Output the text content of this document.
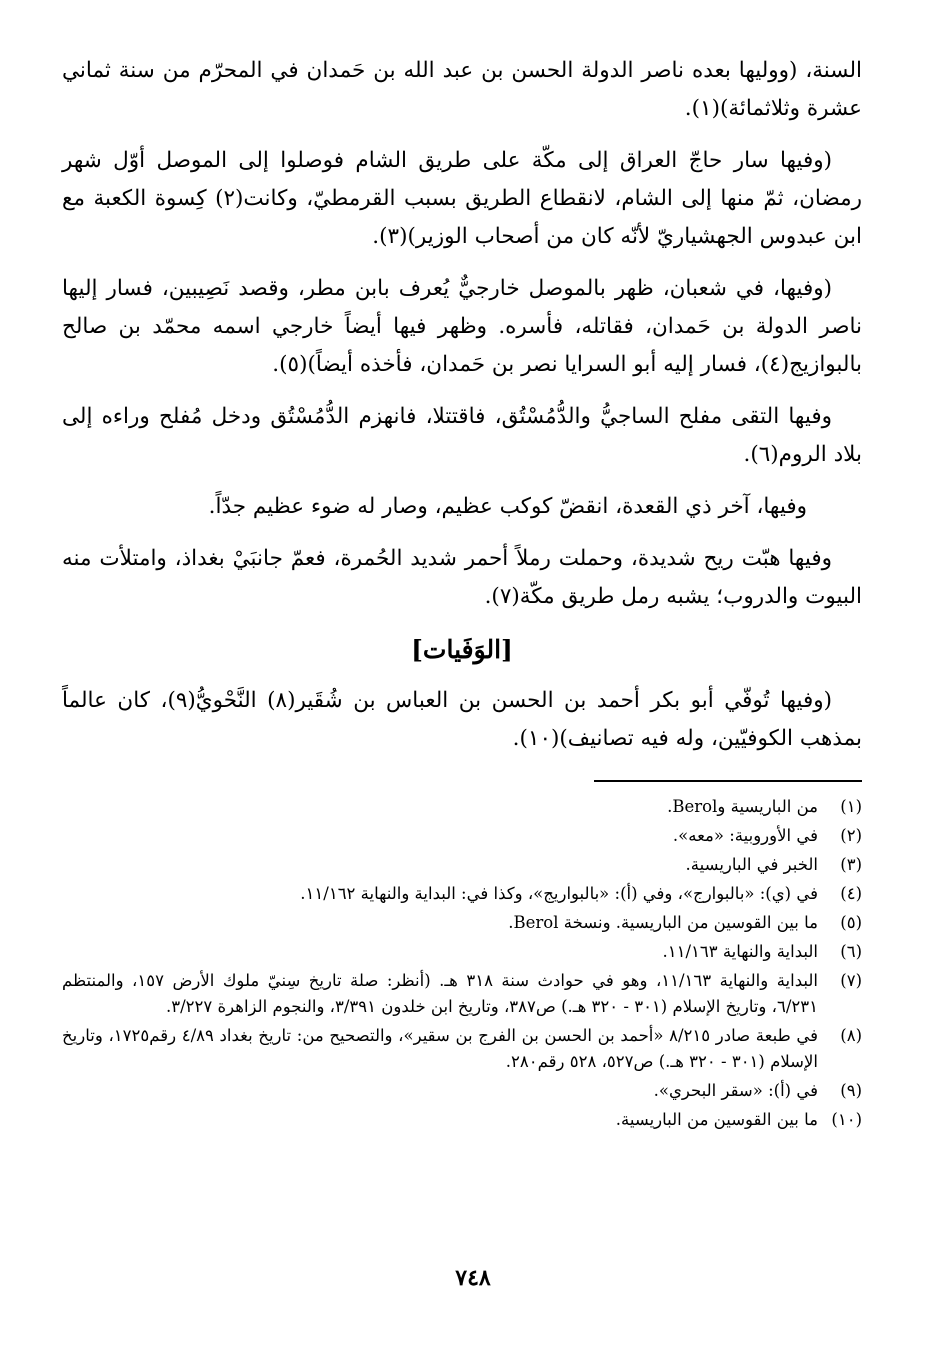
السنة، (ووليها بعده ناصر الدولة الحسن بن عبد الله بن حَمدان في المحرّم من سنة ثماني عشرة وثلاثمائة)(١).

(وفيها سار حاجّ العراق إلى مكّة على طريق الشام فوصلوا إلى الموصل أوّل شهر رمضان، ثمّ منها إلى الشام، لانقطاع الطريق بسبب القرمطيّ، وكانت(٢) كِسوة الكعبة مع ابن عبدوس الجهشياريّ لأنّه كان من أصحاب الوزير)(٣).

(وفيها، في شعبان، ظهر بالموصل خارجيٌّ يُعرف بابن مطر، وقصد نَصِيبين، فسار إليها ناصر الدولة بن حَمدان، فقاتله، فأسره. وظهر فيها أيضاً خارجي اسمه محمّد بن صالح بالبوازيج(٤)، فسار إليه أبو السرايا نصر بن حَمدان، فأخذه أيضاً)(٥).

وفيها التقى مفلح الساجيُّ والدُّمُسْتُق، فاقتتلا، فانهزم الدُّمُسْتُق ودخل مُفلح وراءه إلى بلاد الروم(٦).

وفيها، آخر ذي القعدة، انقضّ كوكب عظيم، وصار له ضوء عظيم جدّاً.

وفيها هبّت ريح شديدة، وحملت رملاً أحمر شديد الحُمرة، فعمّ جانبَيْ بغداذ، وامتلأت منه البيوت والدروب؛ يشبه رمل طريق مكّة(٧).

[الوَفَيات]

(وفيها تُوفّي أبو بكر أحمد بن الحسن بن العباس بن شُقَير(٨) النَّحْويُّ(٩)، كان عالماً بمذهب الكوفيّين، وله فيه تصانيف)(١٠).

(١)
من الباريسية وBerol.
(٢)
في الأوروبية: «معه».
(٣)
الخبر في الباريسية.
(٤)
في (ي): «بالبوارج»، وفي (أ): «بالبواريج»، وكذا في: البداية والنهاية ١١/١٦٢.
(٥)
ما بين القوسين من الباريسية. ونسخة Berol.
(٦)
البداية والنهاية ١١/١٦٣.
(٧)
البداية والنهاية ١١/١٦٣، وهو في حوادث سنة ٣١٨ هـ. (أنظر: صلة تاريخ سِنيّ ملوك الأرض ١٥٧، والمنتظم ٦/٢٣١، وتاريخ الإسلام (٣٠١ - ٣٢٠ هـ.) ص٣٨٧، وتاريخ ابن خلدون ٣/٣٩١، والنجوم الزاهرة ٣/٢٢٧.
(٨)
في طبعة صادر ٨/٢١٥ «أحمد بن الحسن بن الفرج بن سقير»، والتصحيح من: تاريخ بغداد ٤/٨٩ رقم١٧٢٥، وتاريخ الإسلام (٣٠١ - ٣٢٠ هـ.) ص٥٢٧، ٥٢٨ رقم٢٨٠.
(٩)
في (أ): «سقر البحري».
(١٠)
ما بين القوسين من الباريسية.
٧٤٨
